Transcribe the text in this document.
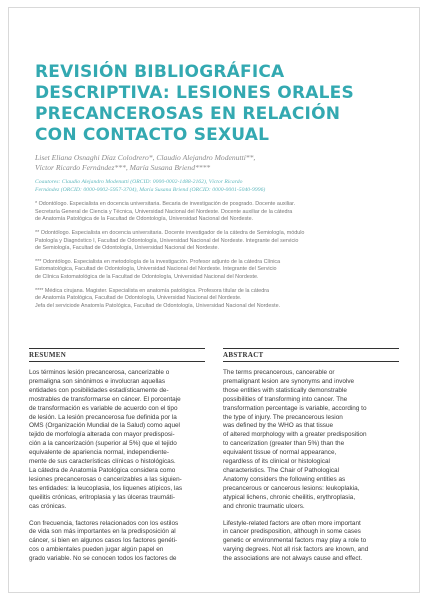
REVISIÓN BIBLIOGRÁFICA
DESCRIPTIVA: LESIONES ORALES
PRECANCEROSAS EN RELACIÓN
CON CONTACTO SEXUAL
Liset Eliana Osnaghi Díaz Colodrero*, Claudio Alejandro Modenutti**,
Víctor Ricardo Fernández***, María Susana Briend****
Coautores: Claudio Alejandro Modenutti (ORCID: 0000-0002-1488-2162), Víctor Ricardo
Fernández (ORCID: 0000-0002-5957-3704), María Susana Briend (ORCID: 0000-0001-5040-9996)

* Odontólogo. Especialista en docencia universitaria. Becaria de investigación de posgrado. Docente auxiliar.
Secretaría General de Ciencia y Técnica, Universidad Nacional del Nordeste. Docente auxiliar de la cátedra
de Anatomía Patológica de la Facultad de Odontología, Universidad Nacional del Nordeste.

** Odontólogo. Especialista en docencia universitaria. Docente investigador de la cátedra de Semiología, módulo
Patología y Diagnóstico I, Facultad de Odontología, Universidad Nacional del Nordeste. Integrante del servicio
de Semiología, Facultad de Odontología, Universidad Nacional del Nordeste.

*** Odontólogo. Especialista en metodología de la investigación. Profesor adjunto de la cátedra Clínica
Estomatológica, Facultad de Odontología, Universidad Nacional del Nordeste. Integrante del Servicio
de Clínica Estomatológica de la Facultad de Odontología, Universidad Nacional del Nordeste.

**** Médica cirujana. Magister. Especialista en anatomía patológica. Profesora titular de la cátedra
de Anatomía Patológica, Facultad de Odontología, Universidad Nacional del Nordeste.
Jefa del serviciode Anatomía Patológica, Facultad de Odontología, Universidad Nacional del Nordeste.

RESUMEN

Los términos lesión precancerosa, cancerizable o
premaligna son sinónimos e involucran aquellas
entidades con posibilidades estadísticamente de-
mostrables de transformarse en cáncer. El porcentaje
de transformación es variable de acuerdo con el tipo
de lesión. La lesión precancerosa fue definida por la
OMS (Organización Mundial de la Salud) como aquel
tejido de morfología alterada con mayor predisposi-
ción a la cancerización (superior al 5%) que el tejido
equivalente de apariencia normal, independiente-
mente de sus características clínicas o histológicas.
La cátedra de Anatomía Patológica considera como
lesiones precancerosas o cancerizables a las siguien-
tes entidades: la leucoplasia, los liquenes atípicos, las
queilitis crónicas, eritroplasia y las úlceras traumáti-
cas crónicas.

Con frecuencia, factores relacionados con los estilos
de vida son más importantes en la predisposición al
cáncer, si bien en algunos casos los factores genéti-
cos o ambientales pueden jugar algún papel en
grado variable. No se conocen todos los factores de

ABSTRACT

The terms precancerous, cancerable or
premalignant lesion are synonyms and involve
those entities with statistically demonstrable
possibilities of transforming into cancer. The
transformation percentage is variable, according to
the type of injury. The precancerous lesion
was defined by the WHO as that tissue
of altered morphology with a greater predisposition
to cancerization (greater than 5%) than the
equivalent tissue of normal appearance,
regardless of its clinical or histological
characteristics. The Chair of Pathological
Anatomy considers the following entities as
precancerous or cancerous lesions: leukoplakia,
atypical lichens, chronic cheilitis, erythroplasia,
and chronic traumatic ulcers.

Lifestyle-related factors are often more important
in cancer predisposition, although in some cases
genetic or environmental factors may play a role to
varying degrees. Not all risk factors are known, and
the associations are not always cause and effect.
